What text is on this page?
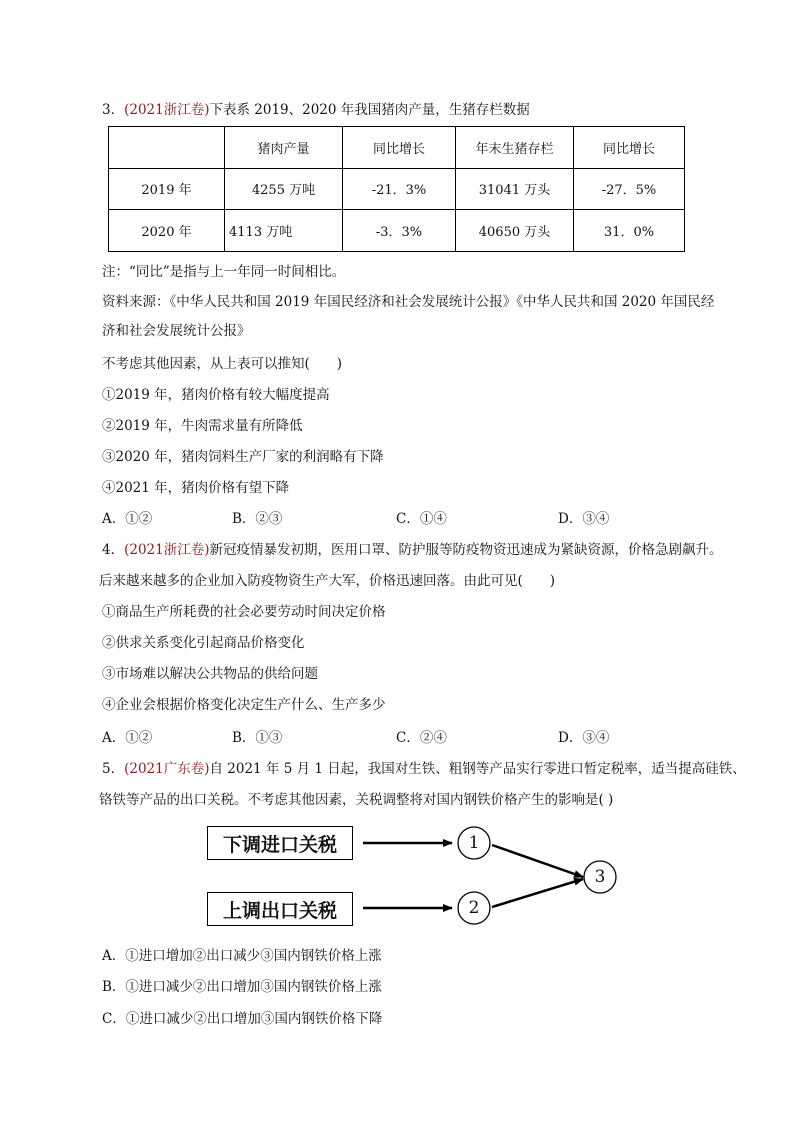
3．(2021浙江卷)下表系 2019、2020 年我国猪肉产量，生猪存栏数据
	猪肉产量	同比增长	年末生猪存栏	同比增长
2019 年	4255 万吨	-21．3%	31041 万头	-27．5%
2020 年	4113 万吨	-3．3%	40650 万头	31．0%
注：“同比”是指与上一年同一时间相比。
资料来源：《中华人民共和国 2019 年国民经济和社会发展统计公报》《中华人民共和国 2020 年国民经
济和社会发展统计公报》
不考虑其他因素，从上表可以推知(　　)
①2019 年，猪肉价格有较大幅度提高
②2019 年，牛肉需求量有所降低
③2020 年，猪肉饲料生产厂家的利润略有下降
④2021 年，猪肉价格有望下降
A．①②	B．②③	C．①④	D．③④
4．(2021浙江卷)新冠疫情暴发初期，医用口罩、防护服等防疫物资迅速成为紧缺资源，价格急剧飙升。
后来越来越多的企业加入防疫物资生产大军，价格迅速回落。由此可见(　　)
①商品生产所耗费的社会必要劳动时间决定价格
②供求关系变化引起商品价格变化
③市场难以解决公共物品的供给问题
④企业会根据价格变化决定生产什么、生产多少
A．①②	B．①③	C．②④	D．③④
5．(2021广东卷)自 2021 年 5 月 1 日起，我国对生铁、粗钢等产品实行零进口暂定税率，适当提高硅铁、
铬铁等产品的出口关税。不考虑其他因素，关税调整将对国内钢铁价格产生的影响是( )
下调进口关税
上调出口关税
1
2
3
A．①进口增加②出口减少③国内钢铁价格上涨
B．①进口减少②出口增加③国内钢铁价格上涨
C．①进口减少②出口增加③国内钢铁价格下降
